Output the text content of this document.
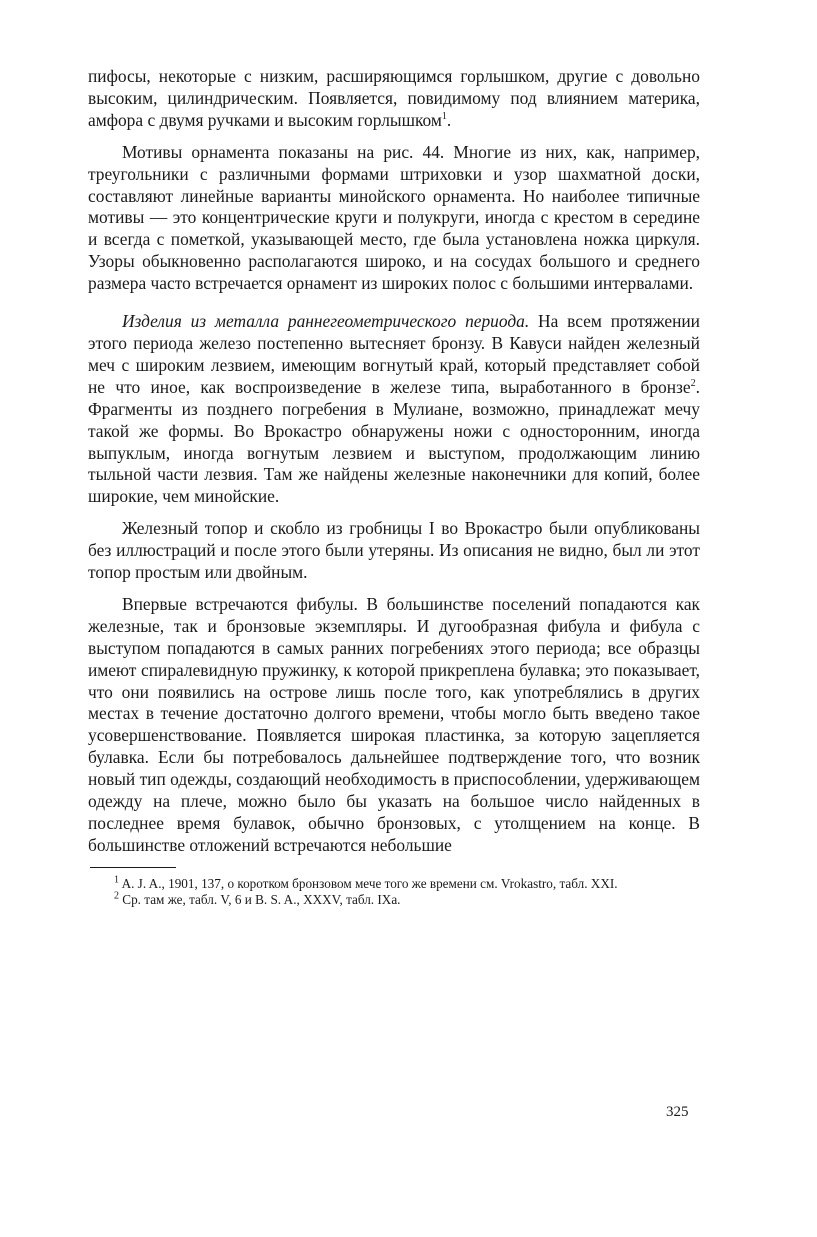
пифосы, некоторые с низким, расширяющимся горлышком, другие с довольно высоким, цилиндрическим. Появляется, повидимому под влиянием материка, амфора с двумя ручками и высоким горлышком$^1$.

Мотивы орнамента показаны на рис. 44. Многие из них, как, например, треугольники с различными формами штриховки и узор шахматной доски, составляют линейные варианты минойского орнамента. Но наиболее типичные мотивы — это концентрические круги и полукруги, иногда с крестом в середине и всегда с пометкой, указывающей место, где была установлена ножка циркуля. Узоры обыкновенно располагаются широко, и на сосудах большого и среднего размера часто встречается орнамент из широких полос с большими интервалами.

Изделия из металла раннегеометрического периода. На всем протяжении этого периода железо постепенно вытесняет бронзу. В Кавуси найден железный меч с широким лезвием, имеющим вогнутый край, который представляет собой не что иное, как воспроизведение в железе типа, выработанного в бронзе$^2$. Фрагменты из позднего погребения в Мулиане, возможно, принадлежат мечу такой же формы. Во Врокастро обнаружены ножи с односторонним, иногда выпуклым, иногда вогнутым лезвием и выступом, продолжающим линию тыльной части лезвия. Там же найдены железные наконечники для копий, более широкие, чем минойские.

Железный топор и скобло из гробницы I во Врокастро были опубликованы без иллюстраций и после этого были утеряны. Из описания не видно, был ли этот топор простым или двойным.

Впервые встречаются фибулы. В большинстве поселений попадаются как железные, так и бронзовые экземпляры. И дугообразная фибула и фибула с выступом попадаются в самых ранних погребениях этого периода; все образцы имеют спиралевидную пружинку, к которой прикреплена булавка; это показывает, что они появились на острове лишь после того, как употреблялись в других местах в течение достаточно долгого времени, чтобы могло быть введено такое усовершенствование. Появляется широкая пластинка, за которую зацепляется булавка. Если бы потребовалось дальнейшее подтверждение того, что возник новый тип одежды, создающий необходимость в приспособлении, удерживающем одежду на плече, можно было бы указать на большое число найденных в последнее время булавок, обычно бронзовых, с утолщением на конце. В большинстве отложений встречаются небольшие

$^1$ A. J. A., 1901, 137, о коротком бронзовом мече того же времени см. Vrokastro, табл. XXI.

$^2$ Ср. там же, табл. V, 6 и B. S. A., XXXV, табл. IXa.

325
